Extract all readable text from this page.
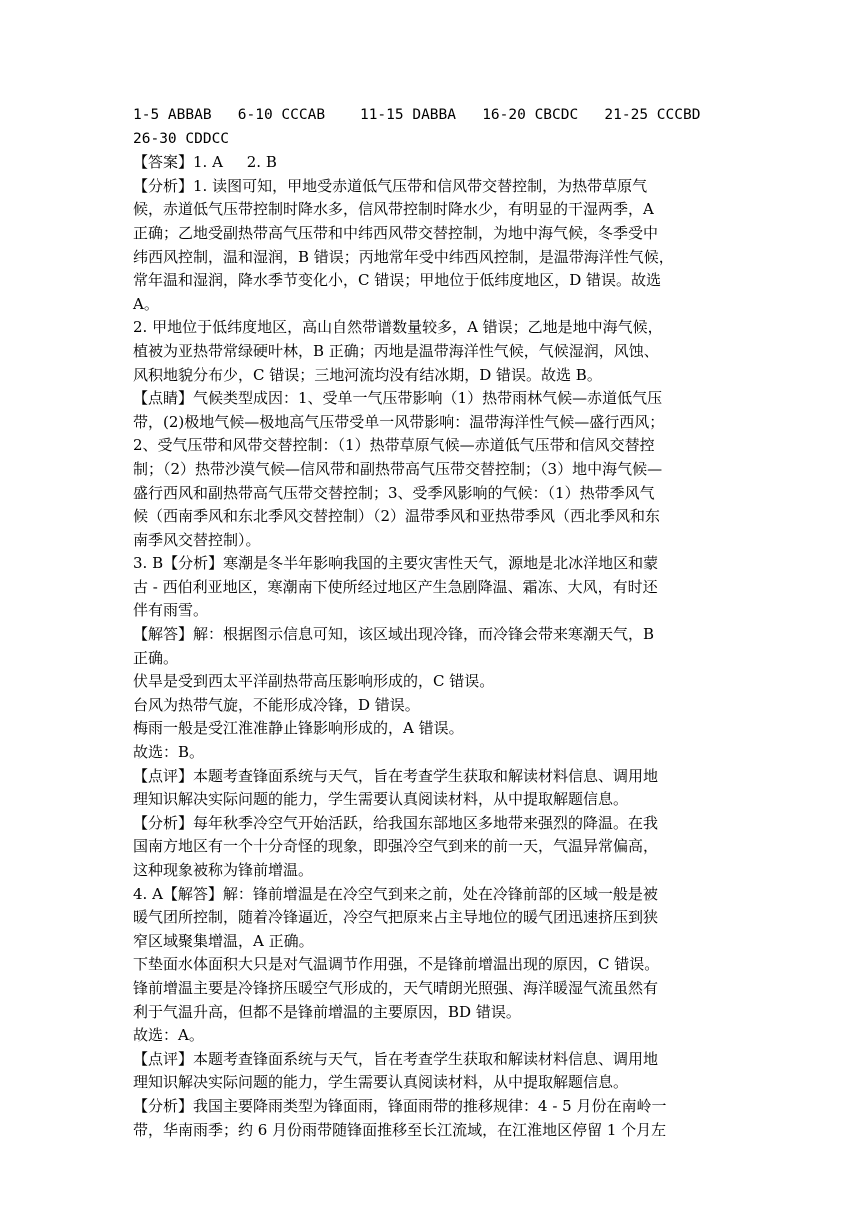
1-5 ABBAB   6-10 CCCAB    11-15 DABBA   16-20 CBCDC   21-25 CCCBD
26-30 CDDCC
【答案】1. A     2. B
【分析】1. 读图可知，甲地受赤道低气压带和信风带交替控制，为热带草原气
候，赤道低气压带控制时降水多，信风带控制时降水少，有明显的干湿两季，A
正确；乙地受副热带高气压带和中纬西风带交替控制，为地中海气候，冬季受中
纬西风控制，温和湿润，B 错误；丙地常年受中纬西风控制，是温带海洋性气候，
常年温和湿润，降水季节变化小，C 错误；甲地位于低纬度地区，D 错误。故选
A。
2. 甲地位于低纬度地区，高山自然带谱数量较多，A 错误；乙地是地中海气候，
植被为亚热带常绿硬叶林，B 正确；丙地是温带海洋性气候，气候湿润，风蚀、
风积地貌分布少，C 错误；三地河流均没有结冰期，D 错误。故选 B。
【点睛】气候类型成因：1、受单一气压带影响（1）热带雨林气候—赤道低气压
带，(2)极地气候—极地高气压带受单一风带影响：温带海洋性气候—盛行西风；
2、受气压带和风带交替控制：（1）热带草原气候—赤道低气压带和信风交替控
制；（2）热带沙漠气候—信风带和副热带高气压带交替控制；（3）地中海气候—
盛行西风和副热带高气压带交替控制；3、受季风影响的气候：（1）热带季风气
候（西南季风和东北季风交替控制）（2）温带季风和亚热带季风（西北季风和东
南季风交替控制）。
3. B【分析】寒潮是冬半年影响我国的主要灾害性天气，源地是北冰洋地区和蒙
古 - 西伯利亚地区，寒潮南下使所经过地区产生急剧降温、霜冻、大风，有时还
伴有雨雪。
【解答】解：根据图示信息可知，该区域出现冷锋，而冷锋会带来寒潮天气，B
正确。
伏旱是受到西太平洋副热带高压影响形成的，C 错误。
台风为热带气旋，不能形成冷锋，D 错误。
梅雨一般是受江淮准静止锋影响形成的，A 错误。
故选：B。
【点评】本题考查锋面系统与天气，旨在考查学生获取和解读材料信息、调用地
理知识解决实际问题的能力，学生需要认真阅读材料，从中提取解题信息。
【分析】每年秋季冷空气开始活跃，给我国东部地区多地带来强烈的降温。在我
国南方地区有一个十分奇怪的现象，即强冷空气到来的前一天，气温异常偏高，
这种现象被称为锋前增温。
4. A【解答】解：锋前增温是在冷空气到来之前，处在冷锋前部的区域一般是被
暖气团所控制，随着冷锋逼近，冷空气把原来占主导地位的暖气团迅速挤压到狭
窄区域聚集增温，A 正确。
下垫面水体面积大只是对气温调节作用强，不是锋前增温出现的原因，C 错误。
锋前增温主要是冷锋挤压暖空气形成的，天气晴朗光照强、海洋暖湿气流虽然有
利于气温升高，但都不是锋前增温的主要原因，BD 错误。
故选：A。
【点评】本题考查锋面系统与天气，旨在考查学生获取和解读材料信息、调用地
理知识解决实际问题的能力，学生需要认真阅读材料，从中提取解题信息。
【分析】我国主要降雨类型为锋面雨，锋面雨带的推移规律：4 - 5 月份在南岭一
带，华南雨季；约 6 月份雨带随锋面推移至长江流域，在江淮地区停留 1 个月左
